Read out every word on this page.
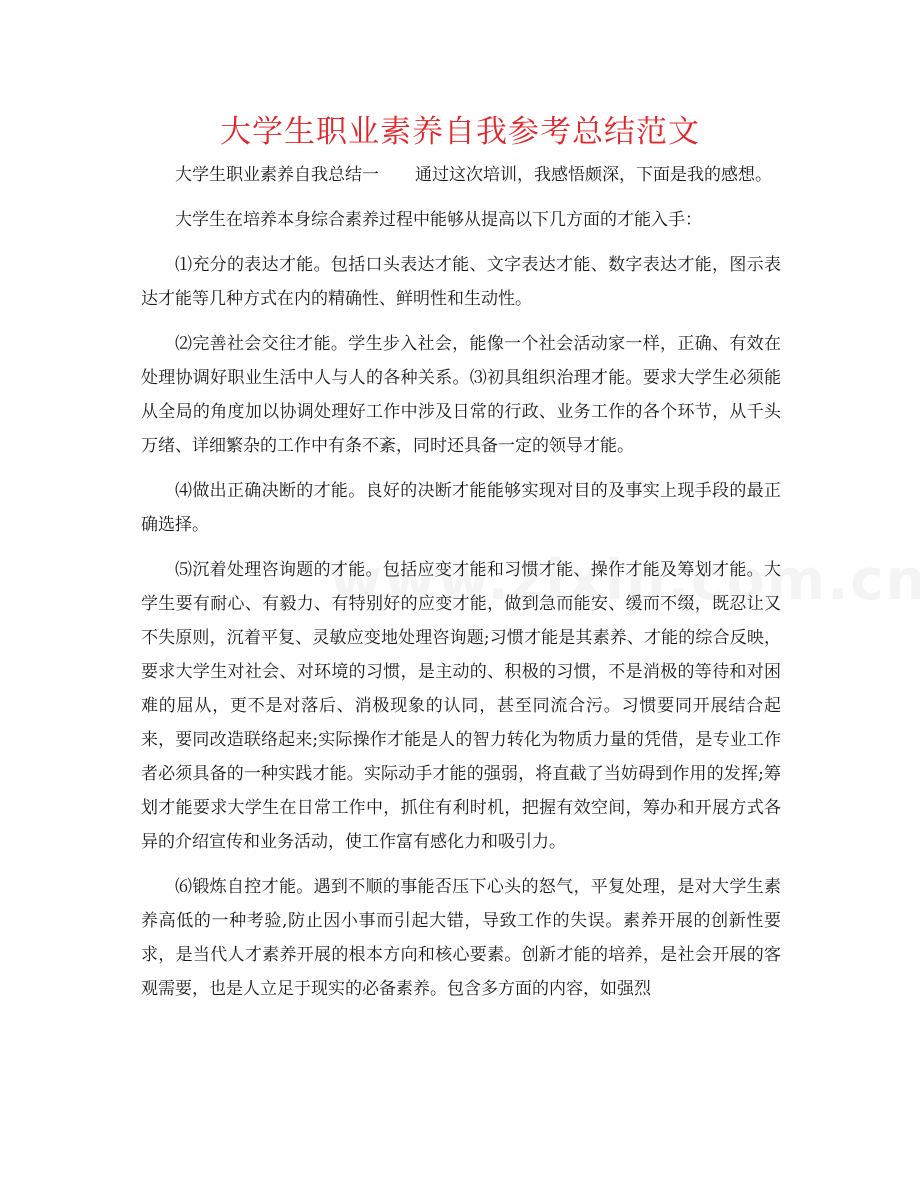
大学生职业素养自我参考总结范文

大学生职业素养自我总结一 通过这次培训，我感悟颇深，下面是我的感想。

大学生在培养本身综合素养过程中能够从提高以下几方面的才能入手：

⑴充分的表达才能。包括口头表达才能、文字表达才能、数字表达才能，图示表达才能等几种方式在内的精确性、鲜明性和生动性。

⑵完善社会交往才能。学生步入社会，能像一个社会活动家一样，正确、有效在处理协调好职业生活中人与人的各种关系。⑶初具组织治理才能。要求大学生必须能从全局的角度加以协调处理好工作中涉及日常的行政、业务工作的各个环节，从千头万绪、详细繁杂的工作中有条不紊，同时还具备一定的领导才能。

⑷做出正确决断的才能。良好的决断才能能够实现对目的及事实上现手段的最正确选择。

⑸沉着处理咨询题的才能。包括应变才能和习惯才能、操作才能及筹划才能。大学生要有耐心、有毅力、有特别好的应变才能，做到急而能安、缓而不缀，既忍让又不失原则，沉着平复、灵敏应变地处理咨询题;习惯才能是其素养、才能的综合反映，要求大学生对社会、对环境的习惯，是主动的、积极的习惯，不是消极的等待和对困难的屈从，更不是对落后、消极现象的认同，甚至同流合污。习惯要同开展结合起来，要同改造联络起来;实际操作才能是人的智力转化为物质力量的凭借，是专业工作者必须具备的一种实践才能。实际动手才能的强弱，将直截了当妨碍到作用的发挥;筹划才能要求大学生在日常工作中，抓住有利时机，把握有效空间，筹办和开展方式各异的介绍宣传和业务活动，使工作富有感化力和吸引力。

⑹锻炼自控才能。遇到不顺的事能否压下心头的怒气，平复处理，是对大学生素养高低的一种考验,防止因小事而引起大错，导致工作的失误。素养开展的创新性要求，是当代人才素养开展的根本方向和核心要素。创新才能的培养，是社会开展的客观需要，也是人立足于现实的必备素养。包含多方面的内容，如强烈
